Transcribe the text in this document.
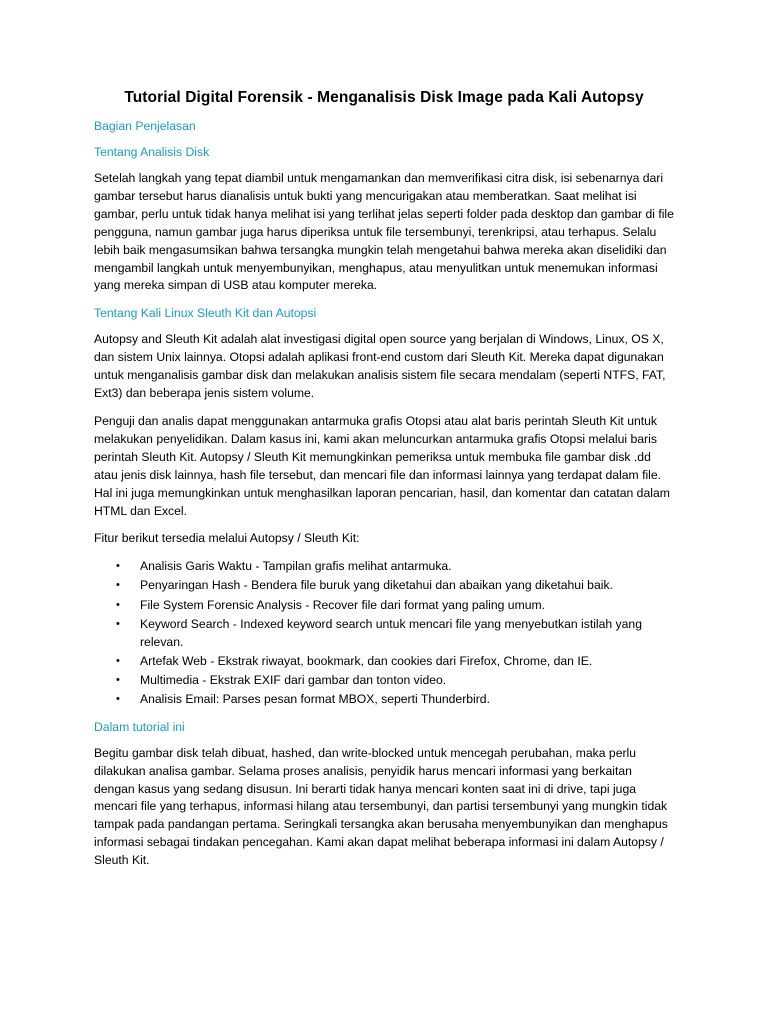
Tutorial Digital Forensik - Menganalisis Disk Image pada Kali Autopsy
Bagian Penjelasan
Tentang Analisis Disk

Setelah langkah yang tepat diambil untuk mengamankan dan memverifikasi citra disk, isi sebenarnya dari gambar tersebut harus dianalisis untuk bukti yang mencurigakan atau memberatkan. Saat melihat isi gambar, perlu untuk tidak hanya melihat isi yang terlihat jelas seperti folder pada desktop dan gambar di file pengguna, namun gambar juga harus diperiksa untuk file tersembunyi, terenkripsi, atau terhapus. Selalu lebih baik mengasumsikan bahwa tersangka mungkin telah mengetahui bahwa mereka akan diselidiki dan mengambil langkah untuk menyembunyikan, menghapus, atau menyulitkan untuk menemukan informasi yang mereka simpan di USB atau komputer mereka.

Tentang Kali Linux Sleuth Kit dan Autopsi

Autopsy and Sleuth Kit adalah alat investigasi digital open source yang berjalan di Windows, Linux, OS X, dan sistem Unix lainnya. Otopsi adalah aplikasi front-end custom dari Sleuth Kit. Mereka dapat digunakan untuk menganalisis gambar disk dan melakukan analisis sistem file secara mendalam (seperti NTFS, FAT, Ext3) dan beberapa jenis sistem volume.

Penguji dan analis dapat menggunakan antarmuka grafis Otopsi atau alat baris perintah Sleuth Kit untuk melakukan penyelidikan. Dalam kasus ini, kami akan meluncurkan antarmuka grafis Otopsi melalui baris perintah Sleuth Kit. Autopsy / Sleuth Kit memungkinkan pemeriksa untuk membuka file gambar disk .dd atau jenis disk lainnya, hash file tersebut, dan mencari file dan informasi lainnya yang terdapat dalam file. Hal ini juga memungkinkan untuk menghasilkan laporan pencarian, hasil, dan komentar dan catatan dalam HTML dan Excel.

Fitur berikut tersedia melalui Autopsy / Sleuth Kit:

• Analisis Garis Waktu - Tampilan grafis melihat antarmuka.
• Penyaringan Hash - Bendera file buruk yang diketahui dan abaikan yang diketahui baik.
• File System Forensic Analysis - Recover file dari format yang paling umum.
• Keyword Search - Indexed keyword search untuk mencari file yang menyebutkan istilah yang relevan.
• Artefak Web - Ekstrak riwayat, bookmark, dan cookies dari Firefox, Chrome, dan IE.
• Multimedia - Ekstrak EXIF dari gambar dan tonton video.
• Analisis Email: Parses pesan format MBOX, seperti Thunderbird.
Dalam tutorial ini

Begitu gambar disk telah dibuat, hashed, dan write-blocked untuk mencegah perubahan, maka perlu dilakukan analisa gambar. Selama proses analisis, penyidik harus mencari informasi yang berkaitan dengan kasus yang sedang disusun. Ini berarti tidak hanya mencari konten saat ini di drive, tapi juga mencari file yang terhapus, informasi hilang atau tersembunyi, dan partisi tersembunyi yang mungkin tidak tampak pada pandangan pertama. Seringkali tersangka akan berusaha menyembunyikan dan menghapus informasi sebagai tindakan pencegahan. Kami akan dapat melihat beberapa informasi ini dalam Autopsy / Sleuth Kit.
